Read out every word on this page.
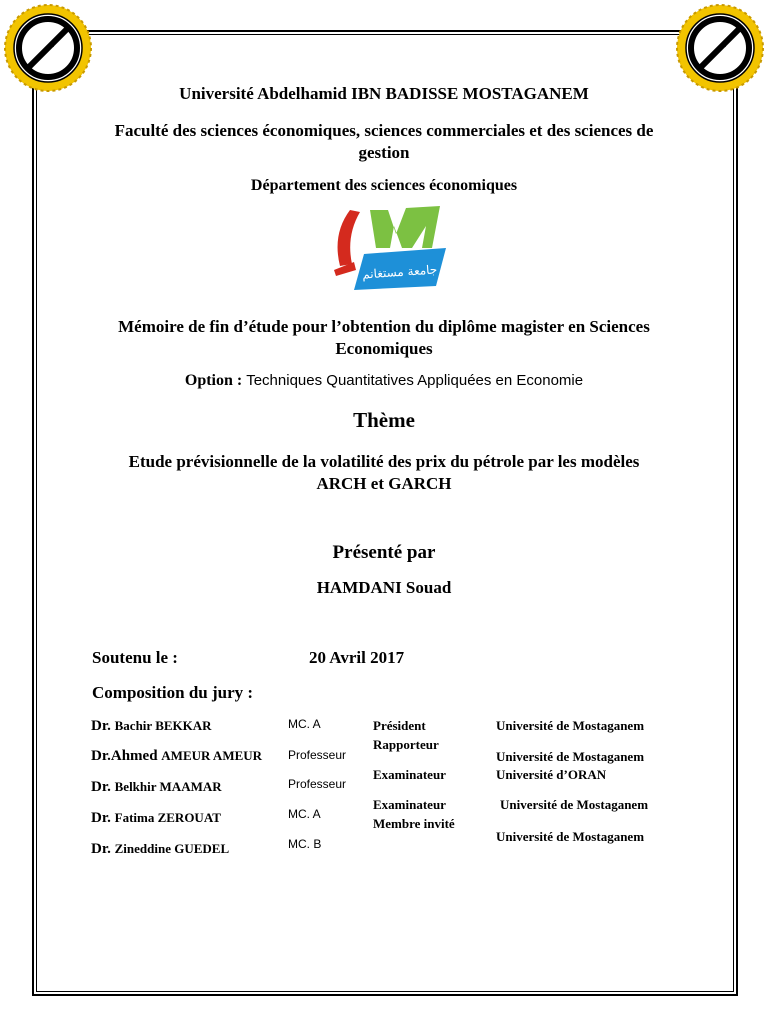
Click to buy NOW!	Click to buy NOW!
Université Abdelhamid IBN BADISSE MOSTAGANEM
Faculté des sciences économiques, sciences commerciales et des sciences de
gestion
Département des sciences économiques
جامعة مستغانم
Mémoire de fin d’étude pour l’obtention du diplôme magister en Sciences
Economiques
Option : Techniques Quantitatives Appliquées en Economie
Thème
Etude prévisionnelle de la volatilité des prix du pétrole par les modèles
ARCH et GARCH
Présenté par
HAMDANI Souad
Soutenu le :	20 Avril 2017
Composition du jury :
Dr. Bachir BEKKAR
Dr.Ahmed AMEUR AMEUR
Dr. Belkhir MAAMAR
Dr. Fatima ZEROUAT
Dr. Zineddine GUEDEL
MC. A
Professeur
Professeur
MC. A
MC. B
Président
Rapporteur
Examinateur
Examinateur
Membre invité
Université de Mostaganem
Université de Mostaganem
Université d’ORAN
Université de Mostaganem
Université de Mostaganem
